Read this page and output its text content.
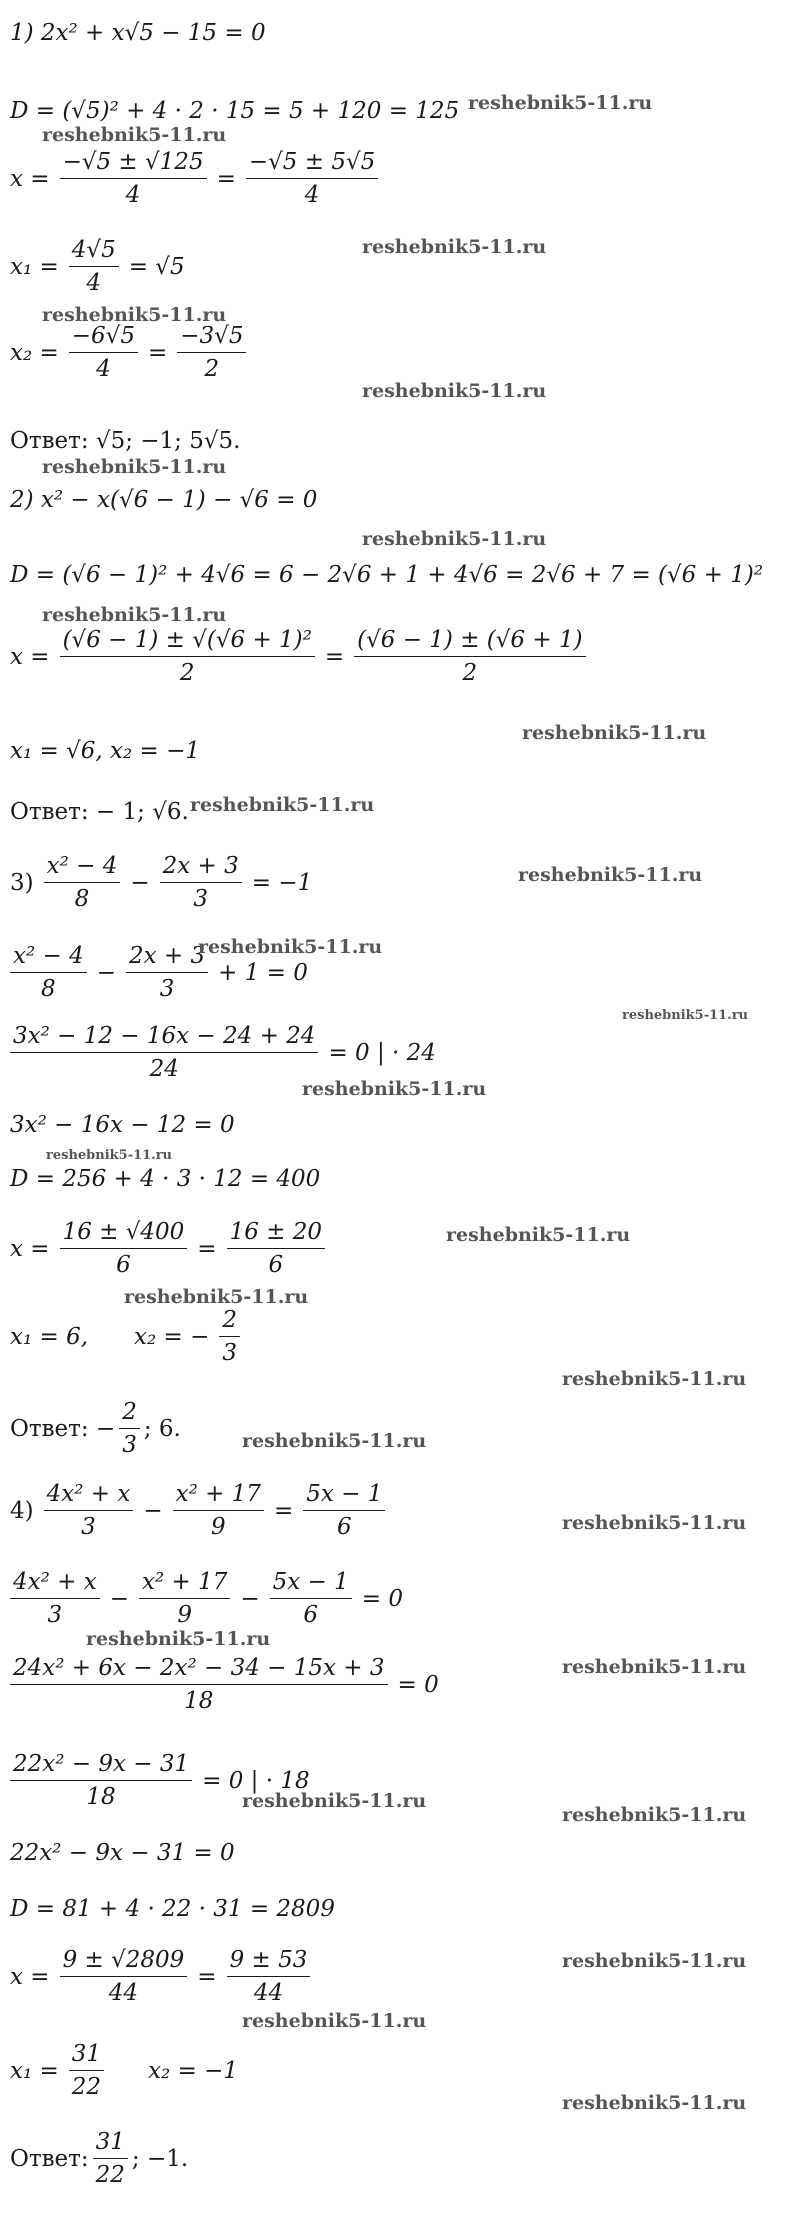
1) 2x² + x√5 − 15 = 0
D = (√5)² + 4 · 2 · 15 = 5 + 120 = 125
$x = \frac{-√5 \pm √125}{4} = \frac{-√5 \pm 5√5}{4}$
$x_1 = \frac{4√5}{4} = √5$
$x_2 = \frac{-6√5}{4} = \frac{-3√5}{2}$
Ответ: √5; −1; 5√5.
2) x² − x(√6 − 1) − √6 = 0
D = (√6 − 1)² + 4√6 = 6 − 2√6 + 1 + 4√6 = 2√6 + 7 = (√6 + 1)²
$x = \frac{\text{(√6 − 1) ± √(√6 + 1)²}}{2} = \frac{(√6 - 1) \pm (√6 + 1)}{2}$
x₁ = √6, x₂ = −1
Ответ: − 1; √6.
$3) \frac{\text{x² − 4}}{8} - \frac{2x + 3}{3} = -1$
$\frac{\text{x² − 4}}{8} - \frac{2x + 3}{3} + 1 = 0$
$\frac{\text{3x² − 12 − 16x − 24 + 24}}{24} = 0$ | · 24
3x² − 16x − 12 = 0
D = 256 + 4 · 3 · 12 = 400
$x = \frac{16 \pm √400}{6} = \frac{16 \pm 20}{6}$
x₁ = 6, x₂ = − $\frac{2}{3}$
Ответ: − $\frac{2}{3}$ ; 6.
$4) \frac{\text{4x² + x}}{3} - \frac{\text{x² + 17}}{9} = \frac{5x - 1}{6}$
$\frac{\text{4x² + x}}{3} - \frac{\text{x² + 17}}{9} - \frac{5x - 1}{6} = 0$
$\frac{\text{24x² + 6x − 2x² − 34 − 15x + 3}}{18} = 0$
$\frac{\text{22x² − 9x − 31}}{18} = 0$ | · 18
22x² − 9x − 31 = 0
D = 81 + 4 · 22 · 31 = 2809
$x = \frac{9 \pm √2809}{44} = \frac{9 \pm 53}{44}$
$x_1 = \frac{31}{22} x_2 = -1$
Ответ: $\frac{31}{22}$ ; −1.
reshebnik5-11.ru
reshebnik5-11.ru
reshebnik5-11.ru
reshebnik5-11.ru
reshebnik5-11.ru
reshebnik5-11.ru
reshebnik5-11.ru
reshebnik5-11.ru
reshebnik5-11.ru
reshebnik5-11.ru
reshebnik5-11.ru
reshebnik5-11.ru
reshebnik5-11.ru
reshebnik5-11.ru
reshebnik5-11.ru
reshebnik5-11.ru
reshebnik5-11.ru
reshebnik5-11.ru
reshebnik5-11.ru
reshebnik5-11.ru
reshebnik5-11.ru
reshebnik5-11.ru
reshebnik5-11.ru
reshebnik5-11.ru
reshebnik5-11.ru
reshebnik5-11.ru
reshebnik5-11.ru
